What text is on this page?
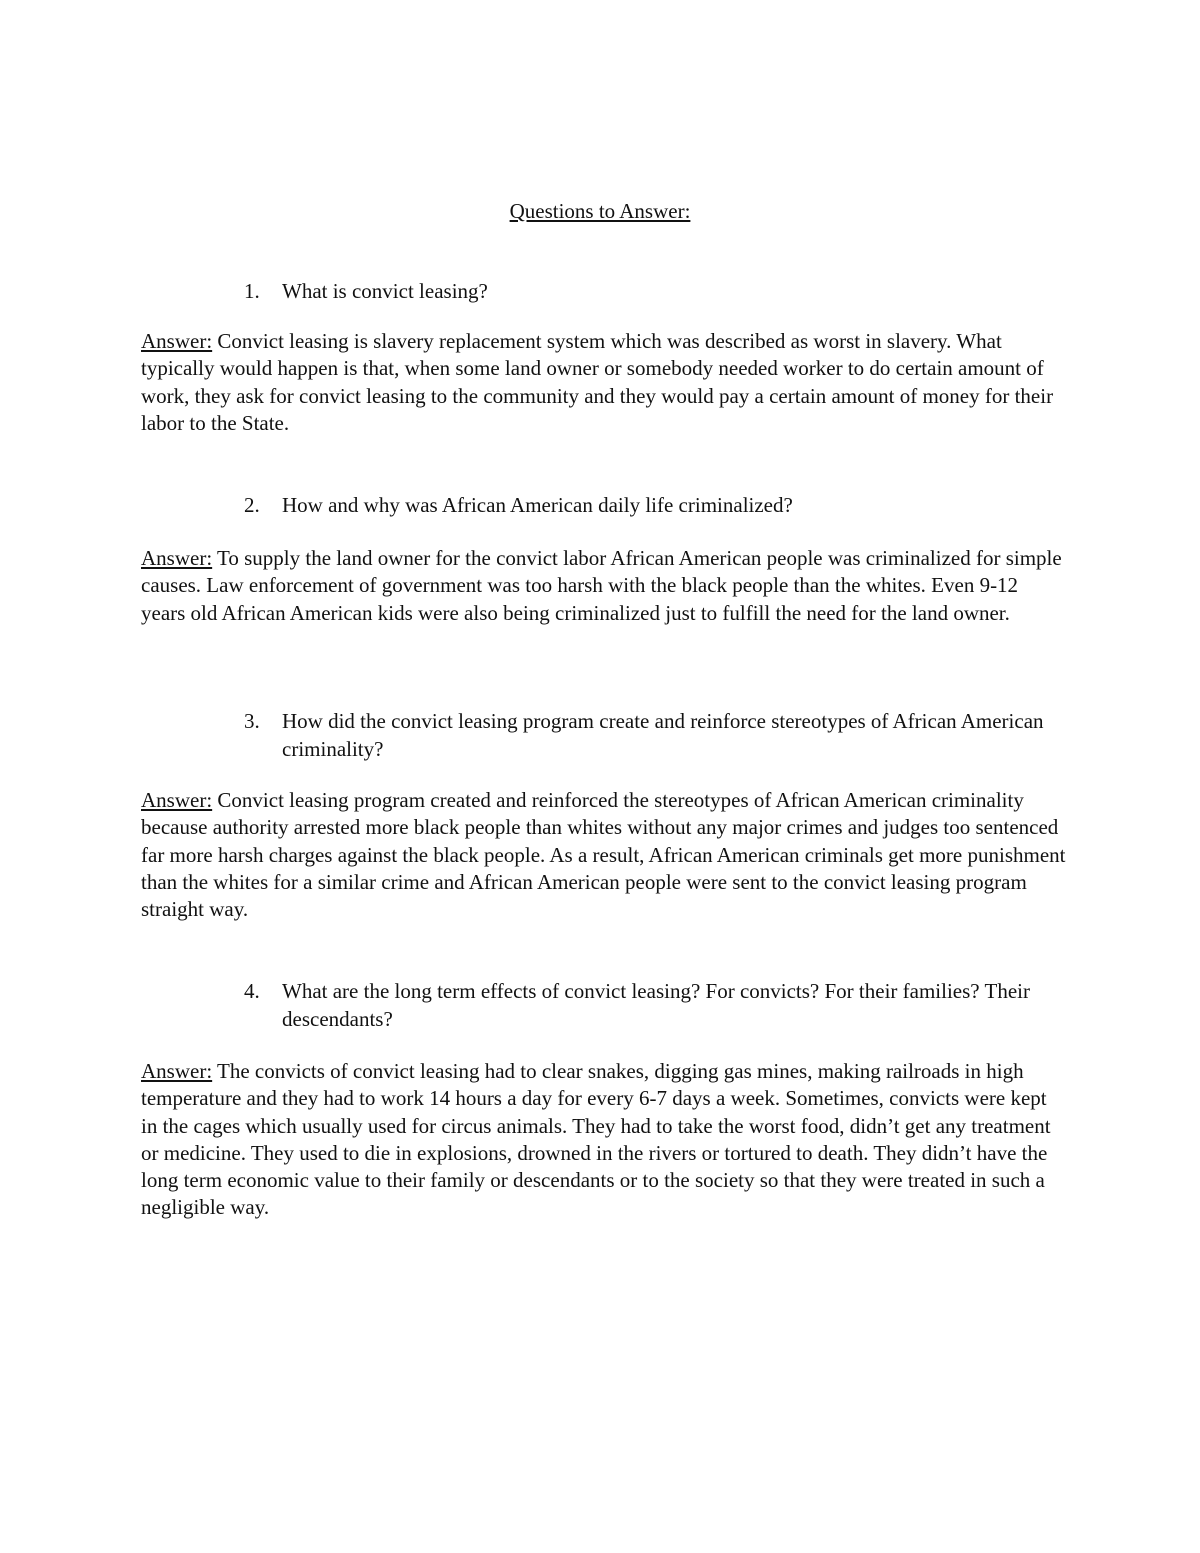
Questions to Answer:
1.	What is convict leasing?
Answer: Convict leasing is slavery replacement system which was described as worst in slavery. What typically would happen is that, when some land owner or somebody needed worker to do certain amount of work, they ask for convict leasing to the community and they would pay a certain amount of money for their labor to the State.
2.	How and why was African American daily life criminalized?
Answer: To supply the land owner for the convict labor African American people was criminalized for simple causes. Law enforcement of government was too harsh with the black people than the whites. Even 9-12 years old African American kids were also being criminalized just to fulfill the need for the land owner.
3.	How did the convict leasing program create and reinforce stereotypes of African American criminality?
Answer: Convict leasing program created and reinforced the stereotypes of African American criminality because authority arrested more black people than whites without any major crimes and judges too sentenced far more harsh charges against the black people. As a result, African American criminals get more punishment than the whites for a similar crime and African American people were sent to the convict leasing program straight way.
4.	What are the long term effects of convict leasing? For convicts? For their families? Their descendants?
Answer: The convicts of convict leasing had to clear snakes, digging gas mines, making railroads in high temperature and they had to work 14 hours a day for every 6-7 days a week. Sometimes, convicts were kept in the cages which usually used for circus animals. They had to take the worst food, didn’t get any treatment or medicine. They used to die in explosions, drowned in the rivers or tortured to death. They didn’t have the long term economic value to their family or descendants or to the society so that they were treated in such a negligible way.
